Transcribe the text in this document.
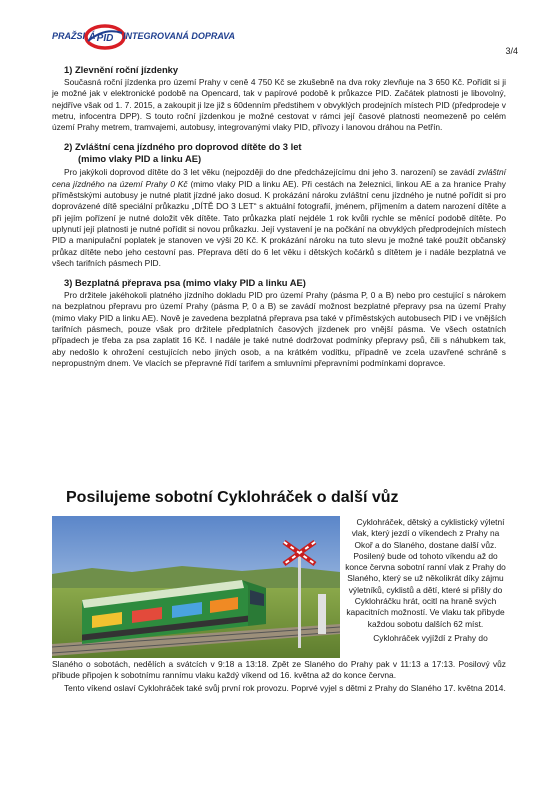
PRAŽSKÁ PID INTEGROVANÁ DOPRAVA
3/4
1) Zlevnění roční jízdenky

Současná roční jízdenka pro území Prahy v ceně 4 750 Kč se zkušebně na dva roky zlevňuje na 3 650 Kč. Pořídit si ji je možné jak v elektronické podobě na Opencard, tak v papírové podobě k průkazce PID. Začátek platnosti je libovolný, nejdříve však od 1. 7. 2015, a zakoupit ji lze již s 60denním předstihem v obvyklých prodejních místech PID (předprodeje v metru, infocentra DPP). S touto roční jízdenkou je možné cestovat v rámci její časové platnosti neomezeně po celém území Prahy metrem, tramvajemi, autobusy, integrovanými vlaky PID, přívozy i lanovou dráhou na Petřín.

2) Zvláštní cena jízdného pro doprovod dítěte do 3 let
(mimo vlaky PID a linku AE)

Pro jakýkoli doprovod dítěte do 3 let věku (nejpozději do dne předcházejícímu dni jeho 3. narození) se zavádí zvláštní cena jízdného na území Prahy 0 Kč (mimo vlaky PID a linku AE). Při cestách na železnici, linkou AE a za hranice Prahy příměstskými autobusy je nutné platit jízdné jako dosud. K prokázání nároku zvláštní cenu jízdného je nutné pořídit si pro doprovázené dítě speciální průkazku „DÍTĚ DO 3 LET“ s aktuální fotografií, jménem, příjmením a datem narození dítěte a při jejím pořízení je nutné doložit věk dítěte. Tato průkazka platí nejdéle 1 rok kvůli rychle se měnící podobě dítěte. Po uplynutí její platnosti je nutné pořídit si novou průkazku. Její vystavení je na počkání na obvyklých předprodejních místech PID a manipulační poplatek je stanoven ve výši 20 Kč. K prokázání nároku na tuto slevu je možné také použít občanský průkaz dítěte nebo jeho cestovní pas. Přeprava dětí do 6 let věku i dětských kočárků s dítětem je i nadále bezplatná ve všech tarifních pásmech PID.

3) Bezplatná přeprava psa (mimo vlaky PID a linku AE)

Pro držitele jakéhokoli platného jízdního dokladu PID pro území Prahy (pásma P, 0 a B) nebo pro cestující s nárokem na bezplatnou přepravu pro území Prahy (pásma P, 0 a B) se zavádí možnost bezplatné přepravy psa na území Prahy (mimo vlaky PID a linku AE). Nově je zavedena bezplatná přeprava psa také v příměstských autobusech PID i ve vnějších tarifních pásmech, pouze však pro držitele předplatních časových jízdenek pro vnější pásma. Ve všech ostatních případech je třeba za psa zaplatit 16 Kč. I nadále je také nutné dodržovat podmínky přepravy psů, čili s náhubkem tak, aby nedošlo k ohrožení cestujících nebo jiných osob, a na krátkém vodítku, případně ve zcela uzavřené schráně s nepropustným dnem. Ve vlacích se přepravné řídí tarifem a smluvními přepravními podmínkami dopravce.

Posilujeme sobotní Cyklohráček o další vůz

Cyklohráček, dětský a cyklistický výletní vlak, který jezdí o víkendech z Prahy na Okoř a do Slaného, dostane další vůz. Posilený bude od tohoto víkendu až do konce června sobotní ranní vlak z Prahy do Slaného, který se už několikrát díky zájmu výletníků, cyklistů a dětí, které si přišly do Cyklohráčku hrát, ocitl na hraně svých kapacitních možností. Ve vlaku tak přibyde každou sobotu dalších 62 míst.

Cyklohráček vyjíždí z Prahy do

Slaného o sobotách, nedělích a svátcích v 9:18 a 13:18. Zpět ze Slaného do Prahy pak v 11:13 a 17:13. Posilový vůz přibude připojen k sobotnímu rannímu vlaku každý víkend od 16. května až do konce června.

Tento víkend oslaví Cyklohráček také svůj první rok provozu. Poprvé vyjel s dětmi z Prahy do Slaného 17. května 2014.
